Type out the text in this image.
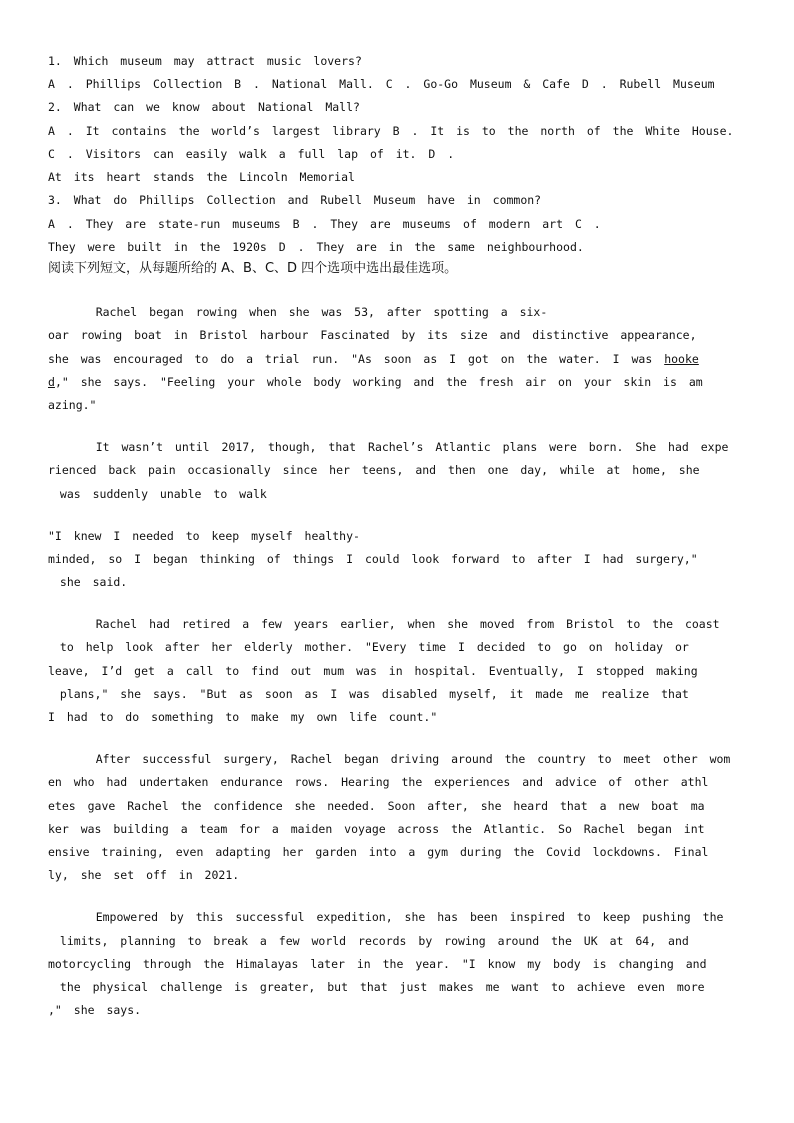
1. Which museum may attract music lovers?
A . Phillips Collection B . National Mall. C . Go-Go Museum & Cafe D . Rubell Museum
2. What can we know about National Mall?
A . It contains the world’s largest library B . It is to the north of the White House.
C . Visitors can easily walk a full lap of it. D .
At its heart stands the Lincoln Memorial
3. What do Phillips Collection and Rubell Museum have in common?
A . They are state-run museums B . They are museums of modern art C .
They were built in the 1920s D . They are in the same neighbourhood.
阅读下列短文，从每题所给的 A、B、C、D 四个选项中选出最佳选项。
Rachel began rowing when she was 53, after spotting a six-
oar rowing boat in Bristol harbour Fascinated by its size and distinctive appearance,
she was encouraged to do a trial run. "As soon as I got on the water. I was hooke
d," she says. "Feeling your whole body working and the fresh air on your skin is am
azing."
It wasn’t until 2017, though, that Rachel’s Atlantic plans were born. She had expe
rienced back pain occasionally since her teens, and then one day, while at home, she
was suddenly unable to walk
"I knew I needed to keep myself healthy-
minded, so I began thinking of things I could look forward to after I had surgery,"
she said.
Rachel had retired a few years earlier, when she moved from Bristol to the coast
to help look after her elderly mother. "Every time I decided to go on holiday or
leave, I’d get a call to find out mum was in hospital. Eventually, I stopped making
plans," she says. "But as soon as I was disabled myself, it made me realize that
I had to do something to make my own life count."
After successful surgery, Rachel began driving around the country to meet other wom
en who had undertaken endurance rows. Hearing the experiences and advice of other athl
etes gave Rachel the confidence she needed. Soon after, she heard that a new boat ma
ker was building a team for a maiden voyage across the Atlantic. So Rachel began int
ensive training, even adapting her garden into a gym during the Covid lockdowns. Final
ly, she set off in 2021.
Empowered by this successful expedition, she has been inspired to keep pushing the
limits, planning to break a few world records by rowing around the UK at 64, and
motorcycling through the Himalayas later in the year. "I know my body is changing and
the physical challenge is greater, but that just makes me want to achieve even more
," she says.
